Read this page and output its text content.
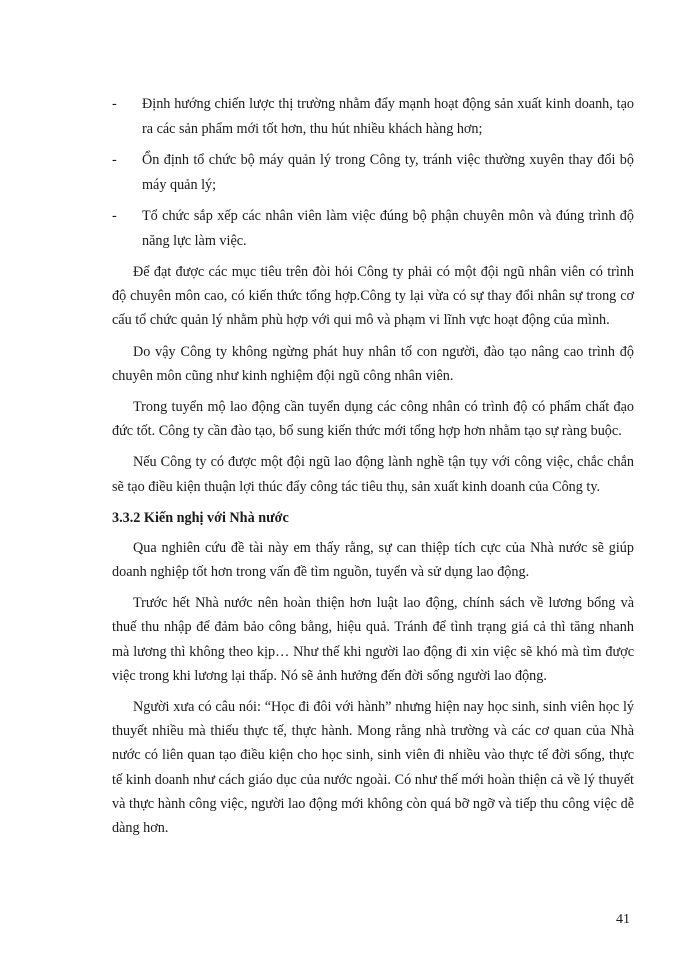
-	Định hướng chiến lược thị trường nhằm đẩy mạnh hoạt động sản xuất kinh doanh, tạo ra các sản phẩm mới tốt hơn, thu hút nhiều khách hàng hơn;
-	Ổn định tổ chức bộ máy quản lý trong Công ty, tránh việc thường xuyên thay đổi bộ máy quản lý;
-	Tổ chức sắp xếp các nhân viên làm việc đúng bộ phận chuyên môn và đúng trình độ năng lực làm việc.

Để đạt được các mục tiêu trên đòi hỏi Công ty phải có một đội ngũ nhân viên có trình độ chuyên môn cao, có kiến thức tổng hợp.Công ty lại vừa có sự thay đổi nhân sự trong cơ cấu tổ chức quản lý nhằm phù hợp với qui mô và phạm vi lĩnh vực hoạt động của mình.

Do vậy Công ty không ngừng phát huy nhân tố con người, đào tạo nâng cao trình độ chuyên môn cũng như kinh nghiệm đội ngũ công nhân viên.

Trong tuyển mộ lao động cần tuyển dụng các công nhân có trình độ có phẩm chất đạo đức tốt. Công ty cần đào tạo, bổ sung kiến thức mới tổng hợp hơn nhằm tạo sự ràng buộc.

Nếu Công ty có được một đội ngũ lao động lành nghề tận tụy với công việc, chắc chắn sẽ tạo điều kiện thuận lợi thúc đẩy công tác tiêu thụ, sản xuất kinh doanh của Công ty.

3.3.2 Kiến nghị với Nhà nước

Qua nghiên cứu đề tài này em thấy rằng, sự can thiệp tích cực của Nhà nước sẽ giúp doanh nghiệp tốt hơn trong vấn đề tìm nguồn, tuyển và sử dụng lao động.

Trước hết Nhà nước nên hoàn thiện hơn luật lao động, chính sách về lương bổng và thuế thu nhập để đảm bảo công bằng, hiệu quả. Tránh để tình trạng giá cả thì tăng nhanh mà lương thì không theo kịp… Như thế khi người lao động đi xin việc sẽ khó mà tìm được việc trong khi lương lại thấp. Nó sẽ ảnh hưởng đến đời sống người lao động.

Người xưa có câu nói: “Học đi đôi với hành” nhưng hiện nay học sinh, sinh viên học lý thuyết nhiều mà thiếu thực tế, thực hành. Mong rằng nhà trường và các cơ quan của Nhà nước có liên quan tạo điều kiện cho học sinh, sinh viên đi nhiều vào thực tế đời sống, thực tế kinh doanh như cách giáo dục của nước ngoài. Có như thế mới hoàn thiện cả về lý thuyết và thực hành công việc, người lao động mới không còn quá bỡ ngỡ và tiếp thu công việc dễ dàng hơn.

41
